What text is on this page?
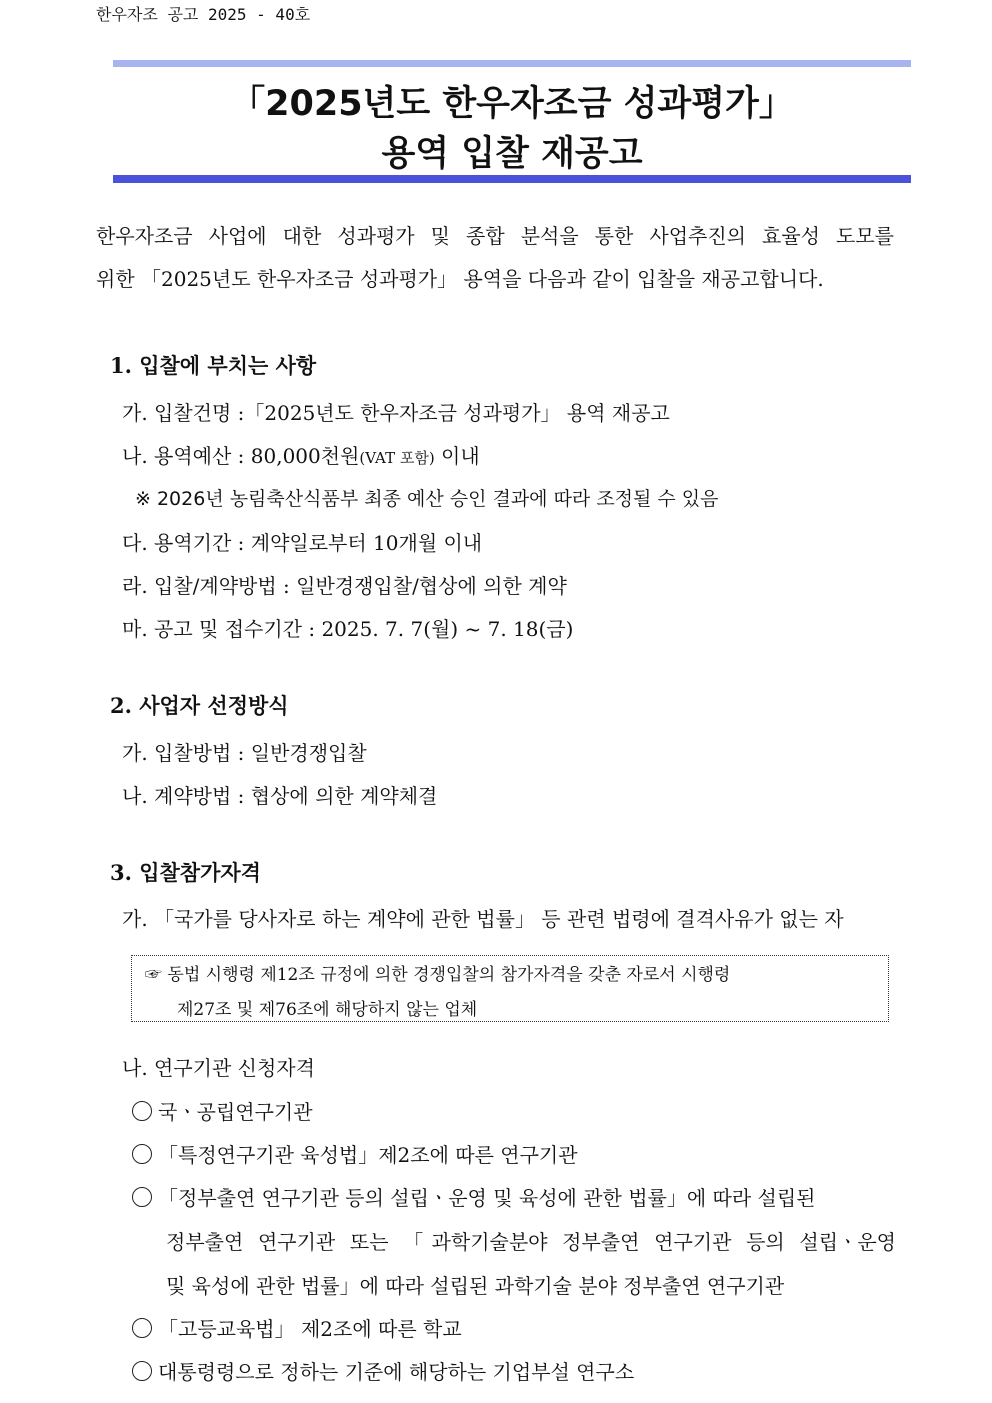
한우자조 공고 2025 - 40호
「2025년도 한우자조금 성과평가」
용역 입찰 재공고
한우자조금 사업에 대한 성과평가 및 종합 분석을 통한 사업추진의 효율성 도모를
위한 「2025년도 한우자조금 성과평가」 용역을 다음과 같이 입찰을 재공고합니다.
1. 입찰에 부치는 사항
가. 입찰건명 :「2025년도 한우자조금 성과평가」 용역 재공고
나. 용역예산 : 80,000천원(VAT 포함) 이내
※ 2026년 농림축산식품부 최종 예산 승인 결과에 따라 조정될 수 있음
다. 용역기간 : 계약일로부터 10개월 이내
라. 입찰/계약방법 : 일반경쟁입찰/협상에 의한 계약
마. 공고 및 접수기간 : 2025. 7. 7(월) ~ 7. 18(금)
2. 사업자 선정방식
가. 입찰방법 : 일반경쟁입찰
나. 계약방법 : 협상에 의한 계약체결
3. 입찰참가자격
가. 「국가를 당사자로 하는 계약에 관한 법률」 등 관련 법령에 결격사유가 없는 자
☞ 동법 시행령 제12조 규정에 의한 경쟁입찰의 참가자격을 갖춘 자로서 시행령
제27조 및 제76조에 해당하지 않는 업체
나. 연구기관 신청자격
국ㆍ공립연구기관
「특정연구기관 육성법」제2조에 따른 연구기관
「정부출연 연구기관 등의 설립ㆍ운영 및 육성에 관한 법률」에 따라 설립된
정부출연 연구기관 또는 「과학기술분야 정부출연 연구기관 등의 설립ㆍ운영
및 육성에 관한 법률」에 따라 설립된 과학기술 분야 정부출연 연구기관
「고등교육법」 제2조에 따른 학교
대통령령으로 정하는 기준에 해당하는 기업부설 연구소
